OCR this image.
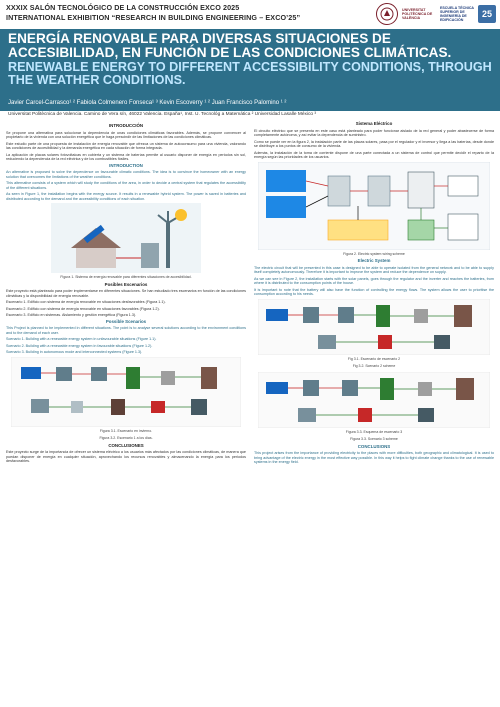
XXXIX SALÓN TECNOLÓGICO DE LA CONSTRUCCIÓN EXCO 2025
INTERNATIONAL EXHIBITION “RESEARCH IN BUILDING ENGINEERING – EXCO’25”
UNIVERSITAT POLITÈCNICA DE VALÈNCIA
ESCUELA TÉCNICA SUPERIOR DE INGENIERÍA DE EDIFICACIÓN
25
ENERGÍA RENOVABLE PARA DIVERSAS SITUACIONES DE ACCESIBILIDAD, EN FUNCIÓN DE LAS CONDICIONES CLIMÁTICAS.
RENEWABLE ENERGY TO DIFFERENT ACCESSIBILITY CONDITIONS, THROUGH THE WEATHER CONDITIONS.
Javier Carcel-Carrasco¹ ² Fabiola Colmenero Fonseca¹ ³ Kevin Escoverry ¹ ² Juan Francisco Palomino ¹ ²
Universitat Politècnica de Valencia. Camino de Vera s/n, 46022 Valencia. España¹, Inst. U. Tecnológ a Matemática ² Universidad Lasalle México ³
INTRODUCCIÓN
Se propone una alternativa para solucionar la dependencia de unas condiciones climáticas favorables. Además, se propone convencer al propietario de la vivienda con una solución energética que le haga prescindir de las limitaciones de las condiciones climáticas.
Este estudio parte de una propuesta de instalación de energía renovable que ofrezca un sistema de autoconsumo para una vivienda, valorando las condiciones de accesibilidad y la demanda energética en cada situación de forma integrada.
La aplicación de placas solares fotovoltaicas en cubierta y un sistema de baterías permite al usuario disponer de energía en periodos sin sol, reduciendo la dependencia de la red eléctrica y de los combustibles fósiles.
INTRODUCTION
An alternative is proposed to solve the dependence on favourable climatic conditions. The idea is to convince the homeowner with an energy solution that overcomes the limitations of the weather conditions.
This alternative consists of a system which will study the conditions of the area, in order to decide a central system that regulates the accessibility of the different situations.
As seen in Figure 1, the installation begins with the energy source. It results in a renewable hybrid system. The power is saved in batteries and distributed according to the demand and the accessibility conditions of each situation.
Figura 1. Sistema de energía renovable para diferentes situaciones de accesibilidad.
Posibles Escenarios
Este proyecto está planteado para poder implementarse en diferentes situaciones. Se han estudiado tres escenarios en función de las condiciones climáticas y la disponibilidad de energía renovable.
Escenario 1. Edificio con sistema de energía renovable en situaciones desfavorables (Figura 1.1).
Escenario 2. Edificio con sistema de energía renovable en situaciones favorables (Figura 1.2).
Escenario 3. Edificio en sistemas. Aislamiento y gestión energética (Figura 1.3).
Possible Scenarios
This Project is planned to be implemented in different situations. The point is to analyse several solutions according to the environment conditions and to the demand of each user.
Scenario 1. Building with a renewable energy system in unfavourable situations (Figure 1.1).
Scenario 2. Building with a renewable energy system in favourable situations (Figure 1.2).
Scenario 3. Building in autonomous mode and interconnected systems (Figure 1.3).
Figura 3.1. Escenario en invierno.
Figura 3.2. Escenario 1 a los días.
CONCLUSIONES
Este proyecto surge de la importancia de ofrecer un sistema eléctrico a los usuarios más afectados por las condiciones climáticas, de manera que puedan disponer de energía en cualquier situación, aprovechando los recursos renovables y almacenando la energía para los periodos desfavorables.
Sistema Eléctrico
El circuito eléctrico que se presenta en este caso está planteado para poder funcionar aislado de la red general y poder abastecerse de forma completamente autónoma, y así evitar la dependencia de suministro.
Como se puede ver en la figura 2, la instalación parte de las placas solares, pasa por el regulador y el inversor y llega a las baterías, desde donde se distribuye a los puntos de consumo de la vivienda.
Además, la instalación de la toma de corriente dispone de una parte conectada a un sistema de control que permite decidir el reparto de la energía según las prioridades de los usuarios.
Figura 2. Electric system wiring scheme
Electric System
The electric circuit that will be presented in this case is designed to be able to operate isolated from the general network and to be able to supply itself completely autonomously. Therefore it is important to improve the system and reduce the dependence on supply.
As we can see in Figure 2, the installation starts with the solar panels, goes through the regulator and the inverter and reaches the batteries, from where it is distributed to the consumption points of the house.
It is important to note that the battery will also have the function of controlling the energy flows. The system allows the user to prioritise the consumption according to his needs.
Fig 3.1. Escenario de escenario 2
Fig 3.2. Scenario 2 scheme
Figura 3.3. Esquema de escenario 3
Figura 3.3. Scenario 3 scheme
CONCLUSIONS
This project arises from the importance of providing electricity to the places with more difficulties, both geographic and climatological. It is used to bring advantage of the electric energy in the most effective way possible. In this way it helps to fight climate change thanks to the use of renewable systems in the energy field.
